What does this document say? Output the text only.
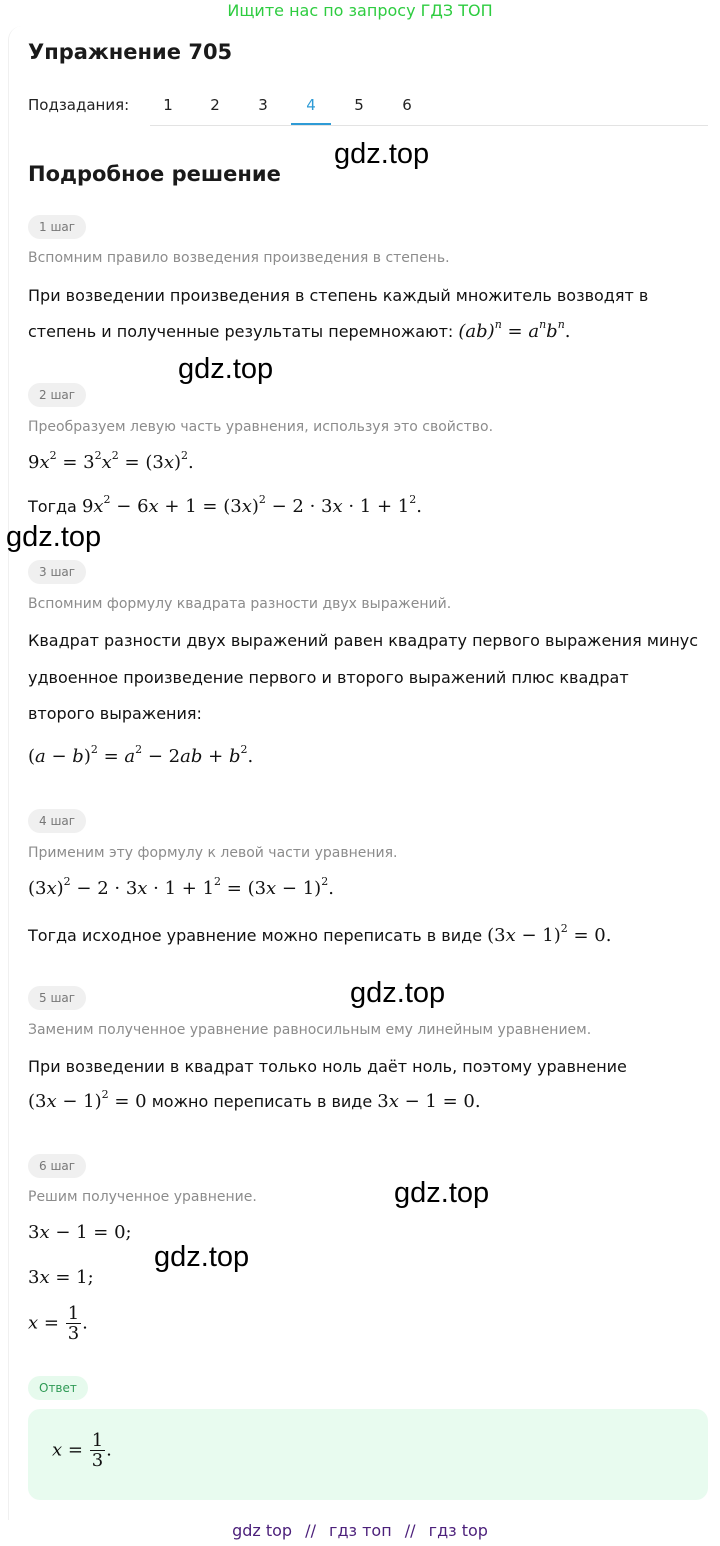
Ищите нас по запросу ГДЗ ТОП
Упражнение 705
Подзадания:	1	2	3	4	5	6
Подробное решение
gdz.top
gdz.top
gdz.top
gdz.top
gdz.top
gdz.top
1 шаг
Вспомним правило возведения произведения в степень.
При возведении произведения в степень каждый множитель возводят в
степень и полученные результаты перемножают: $(ab)^n = a^nb^n$.
2 шаг
Преобразуем левую часть уравнения, используя это свойство.
$9x^2 = 3^2x^2 = (3x)^2$.
Тогда $9x^2 - 6x + 1 = (3x)^2 - 2 \cdot 3x \cdot 1 + 1^2$.
3 шаг
Вспомним формулу квадрата разности двух выражений.
Квадрат разности двух выражений равен квадрату первого выражения минус
удвоенное произведение первого и второго выражений плюс квадрат
второго выражения:
$(a - b)^2 = a^2 - 2ab + b^2$.
4 шаг
Применим эту формулу к левой части уравнения.
$(3x)^2 - 2 \cdot 3x \cdot 1 + 1^2 = (3x - 1)^2$.
Тогда исходное уравнение можно переписать в виде $(3x - 1)^2 = 0$.
5 шаг
Заменим полученное уравнение равносильным ему линейным уравнением.
При возведении в квадрат только ноль даёт ноль, поэтому уравнение
$(3x - 1)^2 = 0$ можно переписать в виде 3x − 1 = 0.
6 шаг
Решим полученное уравнение.
3x − 1 = 0;
3x = 1;
$x = \frac{1}{3}$ .
Ответ
$x = \frac{1}{3}$ .
gdz top // гдз топ // гдз top
